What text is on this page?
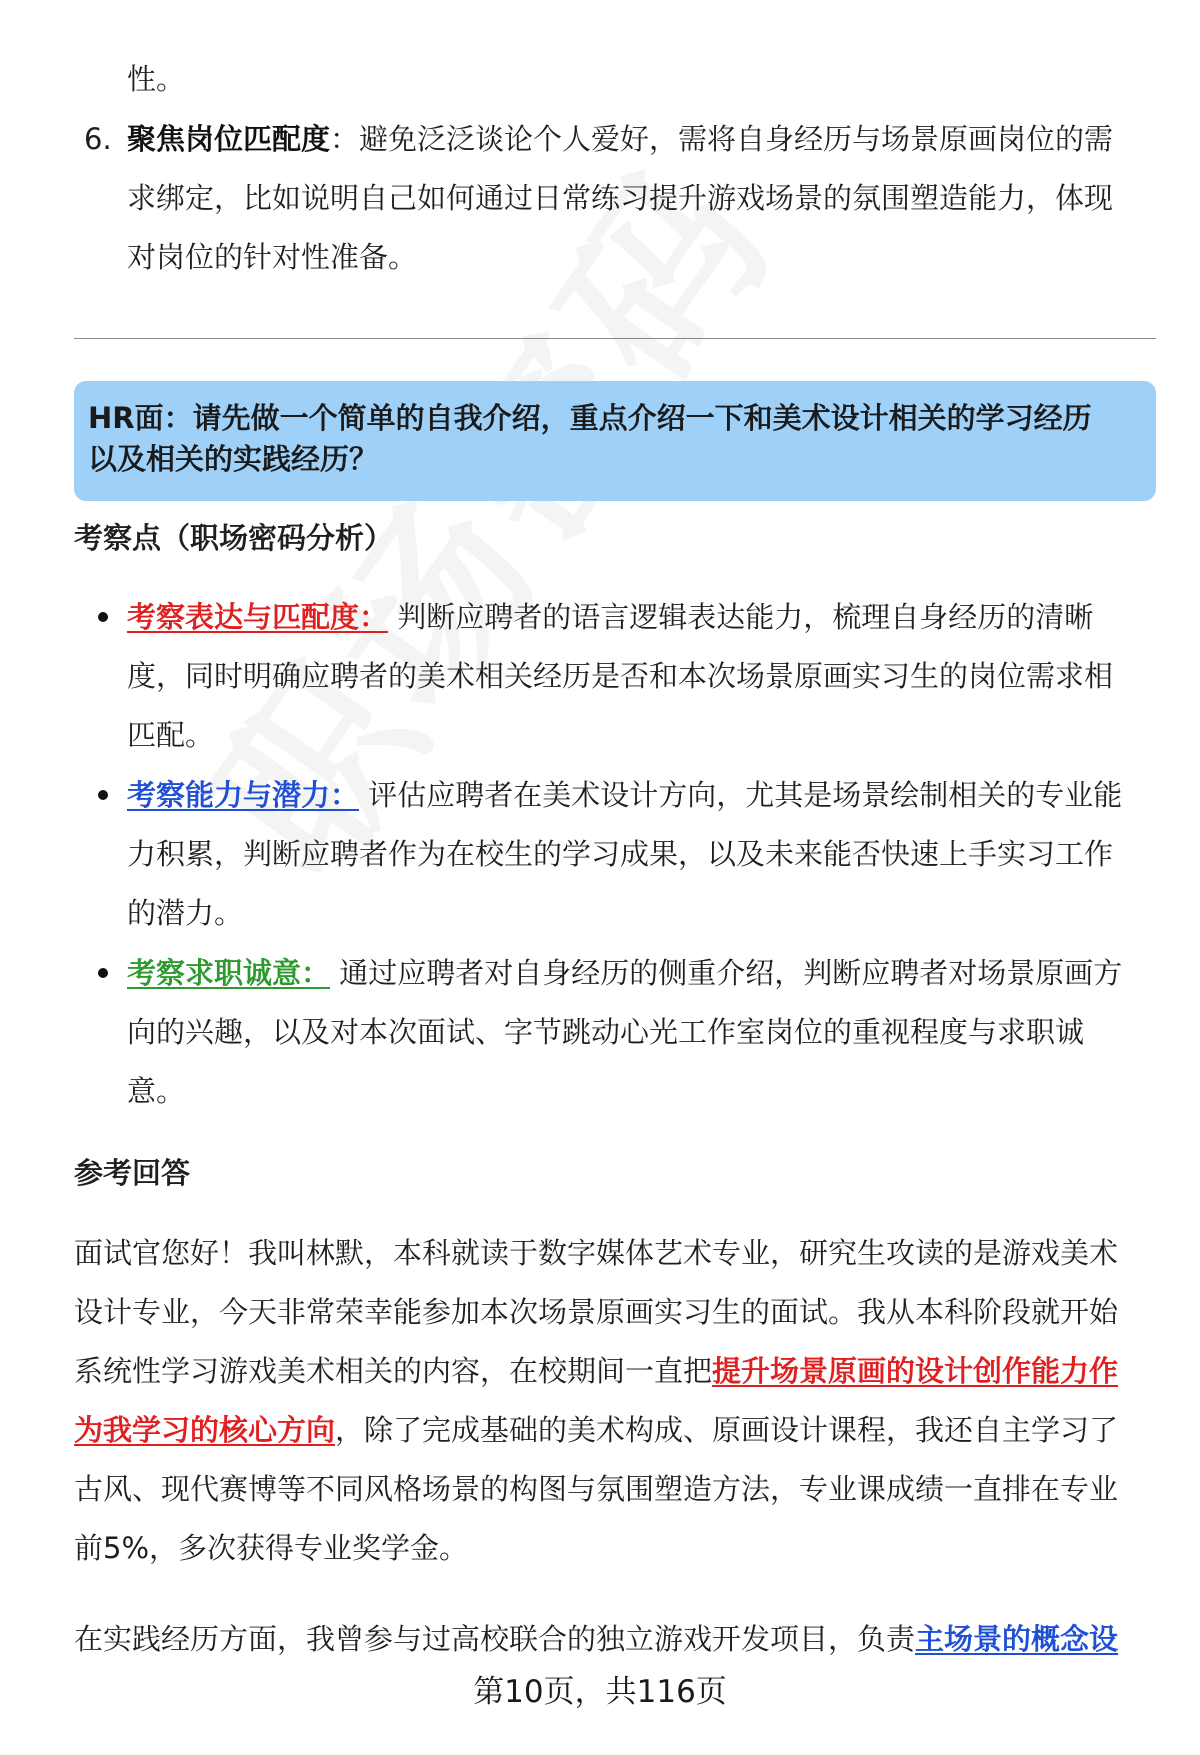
性。
6. 聚焦岗位匹配度：避免泛泛谈论个人爱好，需将自身经历与场景原画岗位的需
求绑定，比如说明自己如何通过日常练习提升游戏场景的氛围塑造能力，体现
对岗位的针对性准备。
HR面：请先做一个简单的自我介绍，重点介绍一下和美术设计相关的学习经历
以及相关的实践经历？
考察点（职场密码分析）
考察表达与匹配度： 判断应聘者的语言逻辑表达能力，梳理自身经历的清晰
度，同时明确应聘者的美术相关经历是否和本次场景原画实习生的岗位需求相
匹配。
考察能力与潜力： 评估应聘者在美术设计方向，尤其是场景绘制相关的专业能
力积累，判断应聘者作为在校生的学习成果，以及未来能否快速上手实习工作
的潜力。
考察求职诚意： 通过应聘者对自身经历的侧重介绍，判断应聘者对场景原画方
向的兴趣，以及对本次面试、字节跳动心光工作室岗位的重视程度与求职诚
意。
参考回答
面试官您好！我叫林默，本科就读于数字媒体艺术专业，研究生攻读的是游戏美术
设计专业，今天非常荣幸能参加本次场景原画实习生的面试。我从本科阶段就开始
系统性学习游戏美术相关的内容，在校期间一直把提升场景原画的设计创作能力作
为我学习的核心方向，除了完成基础的美术构成、原画设计课程，我还自主学习了
古风、现代赛博等不同风格场景的构图与氛围塑造方法，专业课成绩一直排在专业
前5%，多次获得专业奖学金。
在实践经历方面，我曾参与过高校联合的独立游戏开发项目，负责主场景的概念设
第10页，共116页
